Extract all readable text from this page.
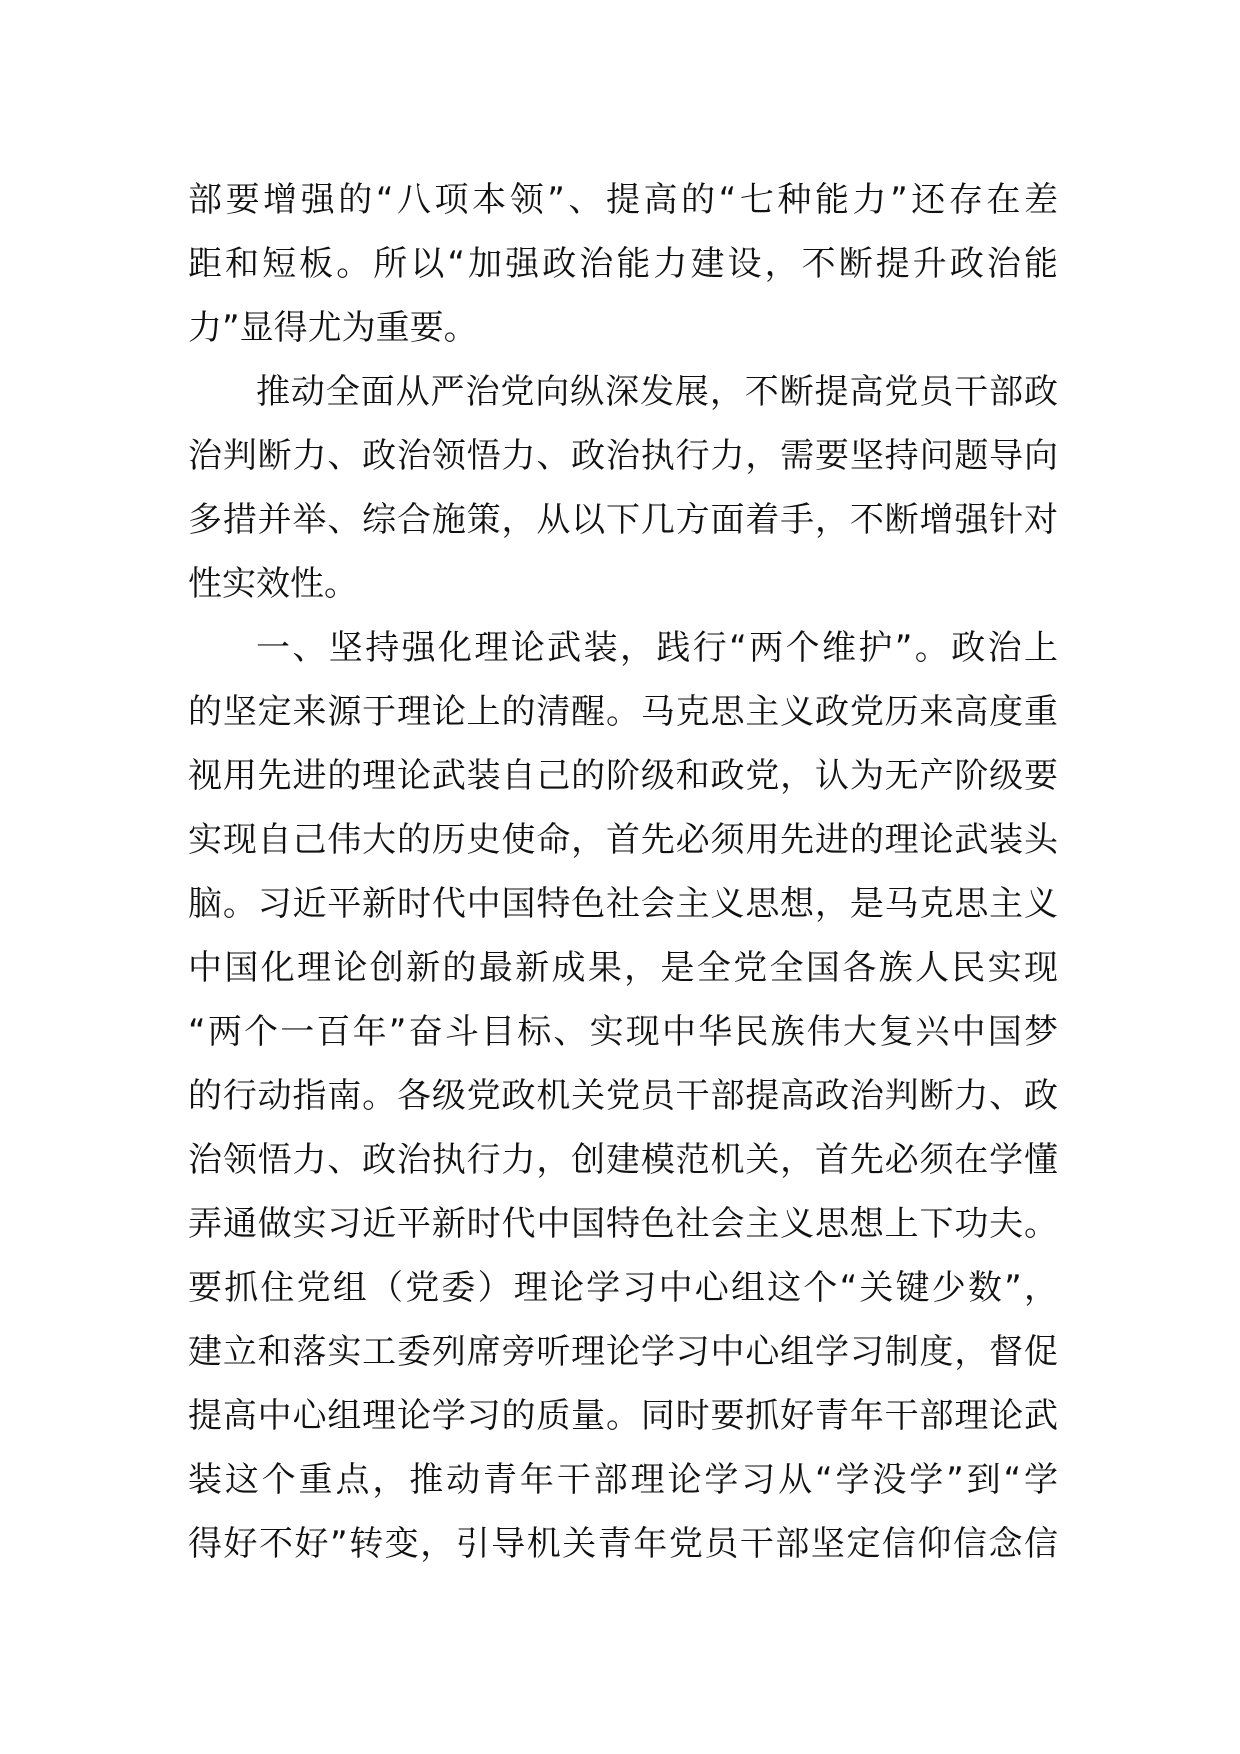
部要增强的“八项本领”、提高的“七种能力”还存在差
距和短板。所以“加强政治能力建设，不断提升政治能
力”显得尤为重要。
推动全面从严治党向纵深发展，不断提高党员干部政
治判断力、政治领悟力、政治执行力，需要坚持问题导向
多措并举、综合施策，从以下几方面着手，不断增强针对
性实效性。
一、坚持强化理论武装，践行“两个维护”。政治上
的坚定来源于理论上的清醒。马克思主义政党历来高度重
视用先进的理论武装自己的阶级和政党，认为无产阶级要
实现自己伟大的历史使命，首先必须用先进的理论武装头
脑。习近平新时代中国特色社会主义思想，是马克思主义
中国化理论创新的最新成果，是全党全国各族人民实现
“两个一百年”奋斗目标、实现中华民族伟大复兴中国梦
的行动指南。各级党政机关党员干部提高政治判断力、政
治领悟力、政治执行力，创建模范机关，首先必须在学懂
弄通做实习近平新时代中国特色社会主义思想上下功夫。
要抓住党组（党委）理论学习中心组这个“关键少数”，
建立和落实工委列席旁听理论学习中心组学习制度，督促
提高中心组理论学习的质量。同时要抓好青年干部理论武
装这个重点，推动青年干部理论学习从“学没学”到“学
得好不好”转变，引导机关青年党员干部坚定信仰信念信
